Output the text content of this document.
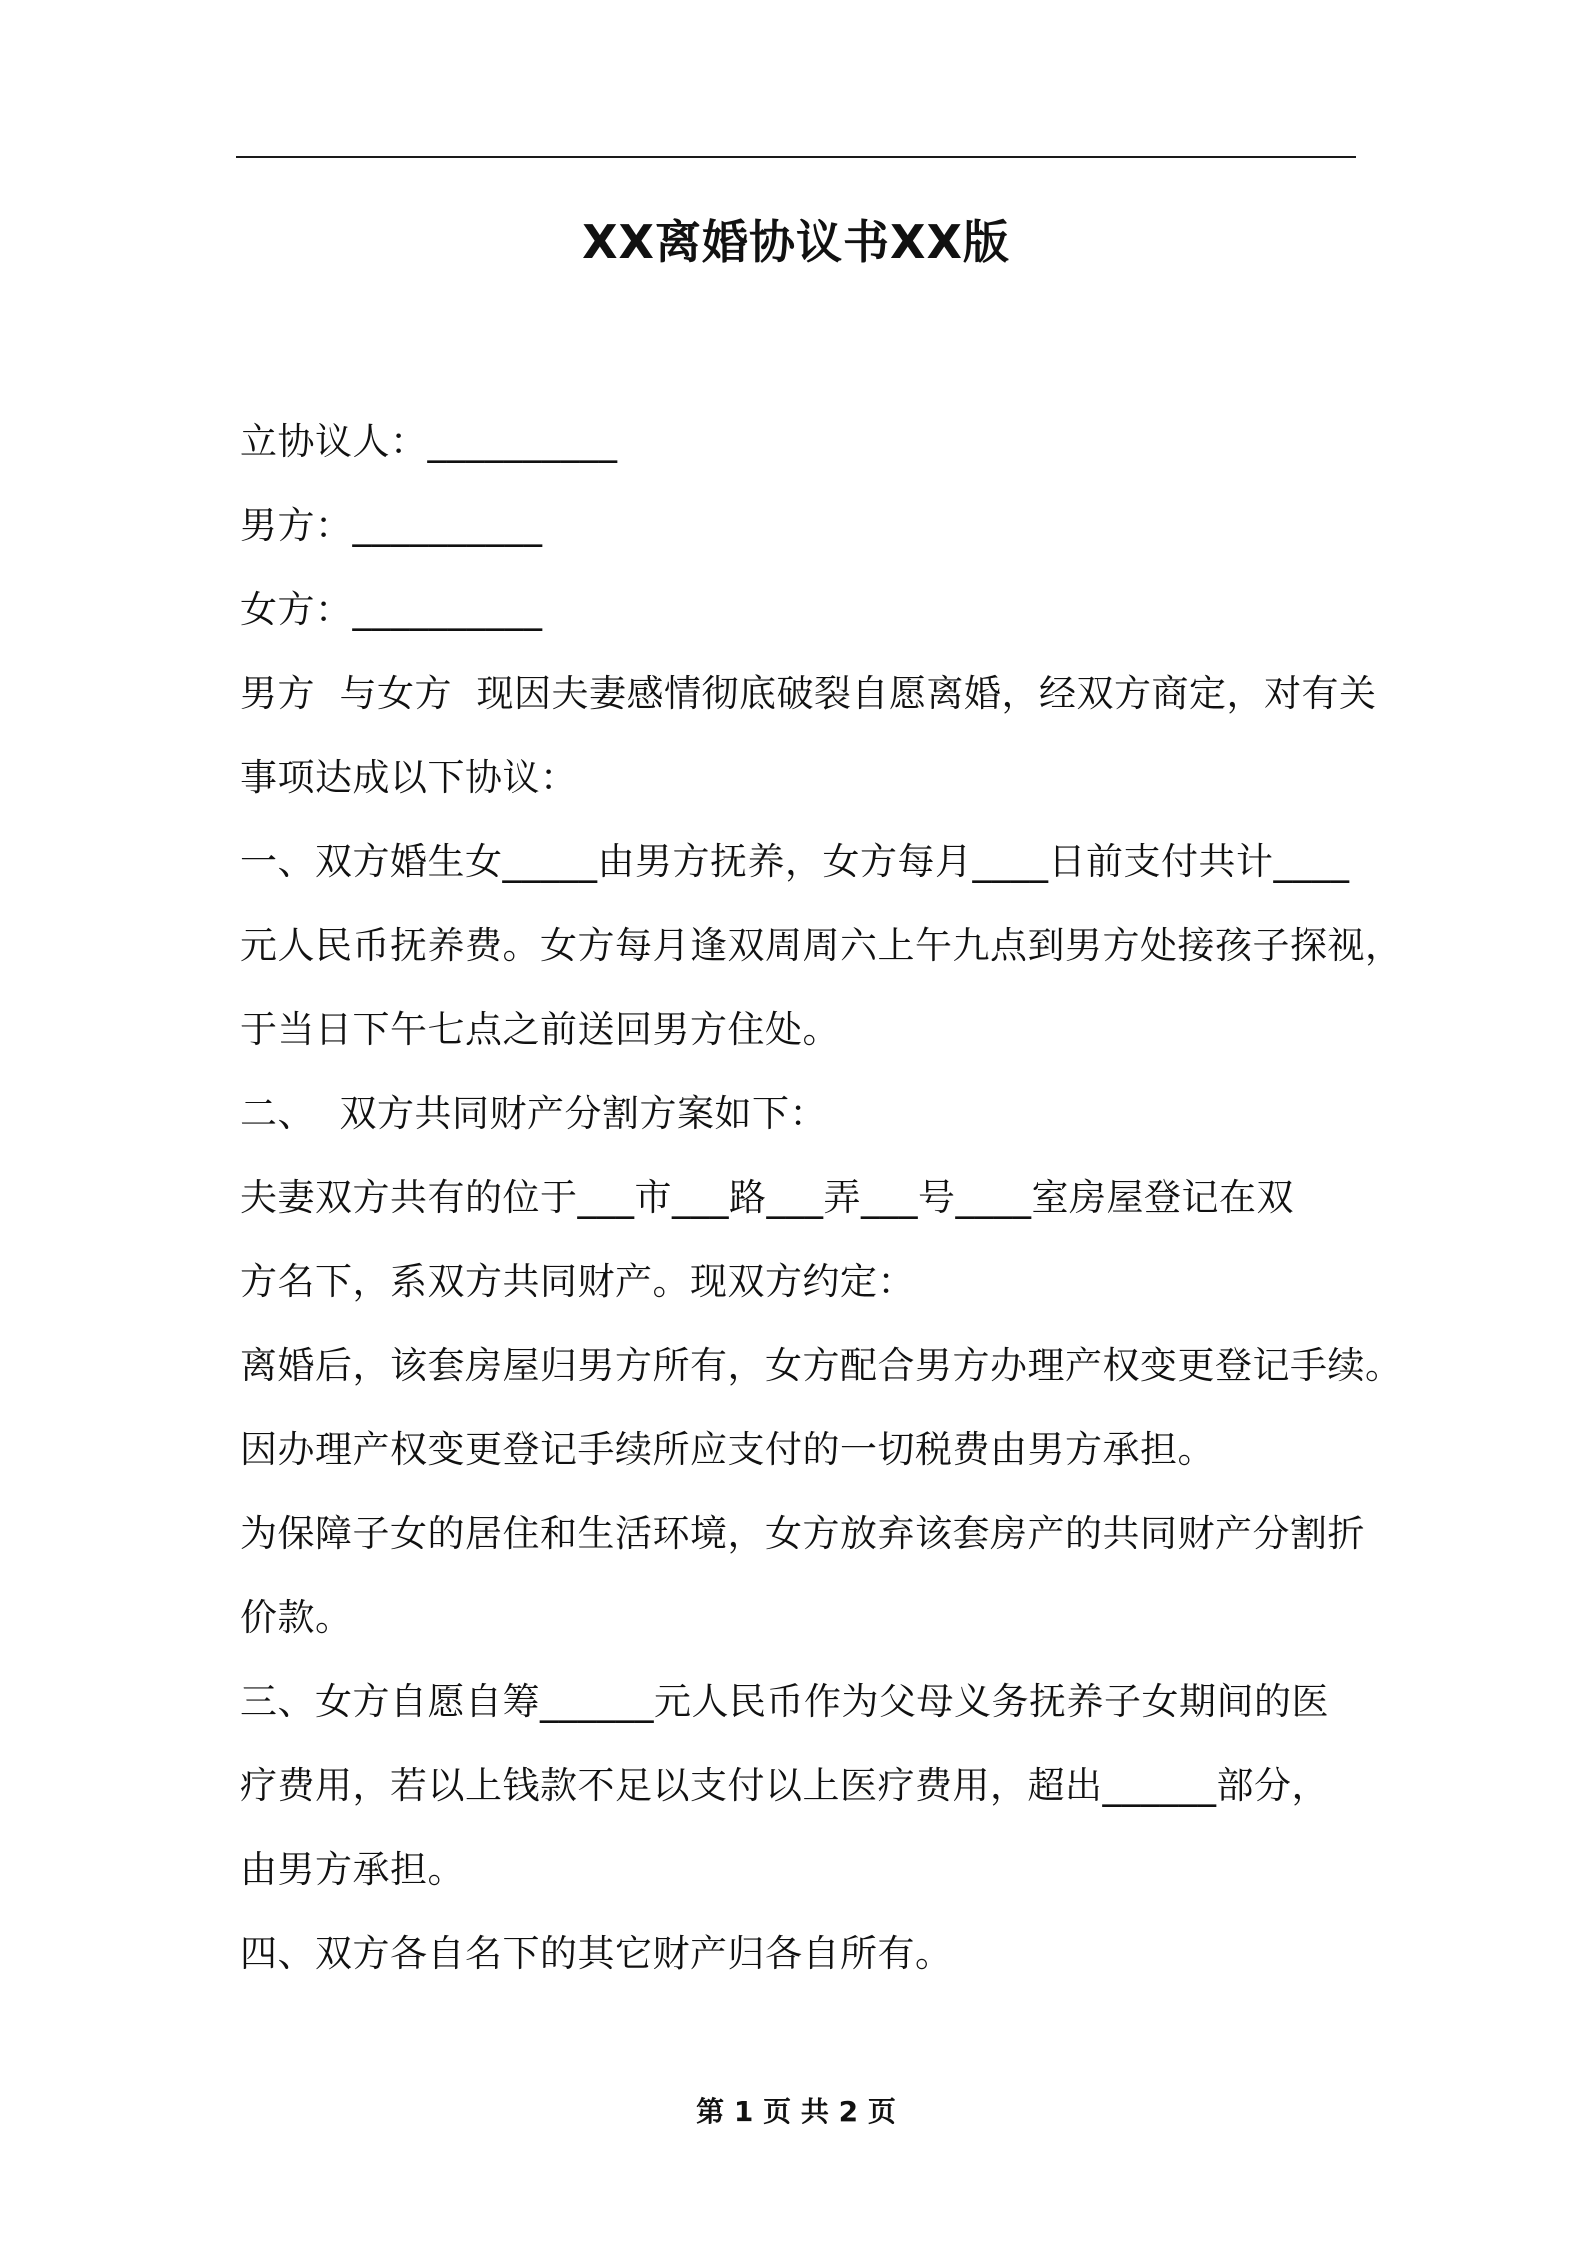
XX离婚协议书XX版

立协议人：__________

男方：__________

女方：__________

男方  与女方  现因夫妻感情彻底破裂自愿离婚，经双方商定，对有关

事项达成以下协议：

一、双方婚生女_____由男方抚养，女方每月____日前支付共计____

元人民币抚养费。女方每月逢双周周六上午九点到男方处接孩子探视，

于当日下午七点之前送回男方住处。

二、  双方共同财产分割方案如下：

夫妻双方共有的位于___市___路___弄___号____室房屋登记在双

方名下，系双方共同财产。现双方约定：

离婚后，该套房屋归男方所有，女方配合男方办理产权变更登记手续。

因办理产权变更登记手续所应支付的一切税费由男方承担。

为保障子女的居住和生活环境，女方放弃该套房产的共同财产分割折

价款。

三、女方自愿自筹______元人民币作为父母义务抚养子女期间的医

疗费用，若以上钱款不足以支付以上医疗费用，超出______部分，

由男方承担。

四、双方各自名下的其它财产归各自所有。

第 1 页 共 2 页
